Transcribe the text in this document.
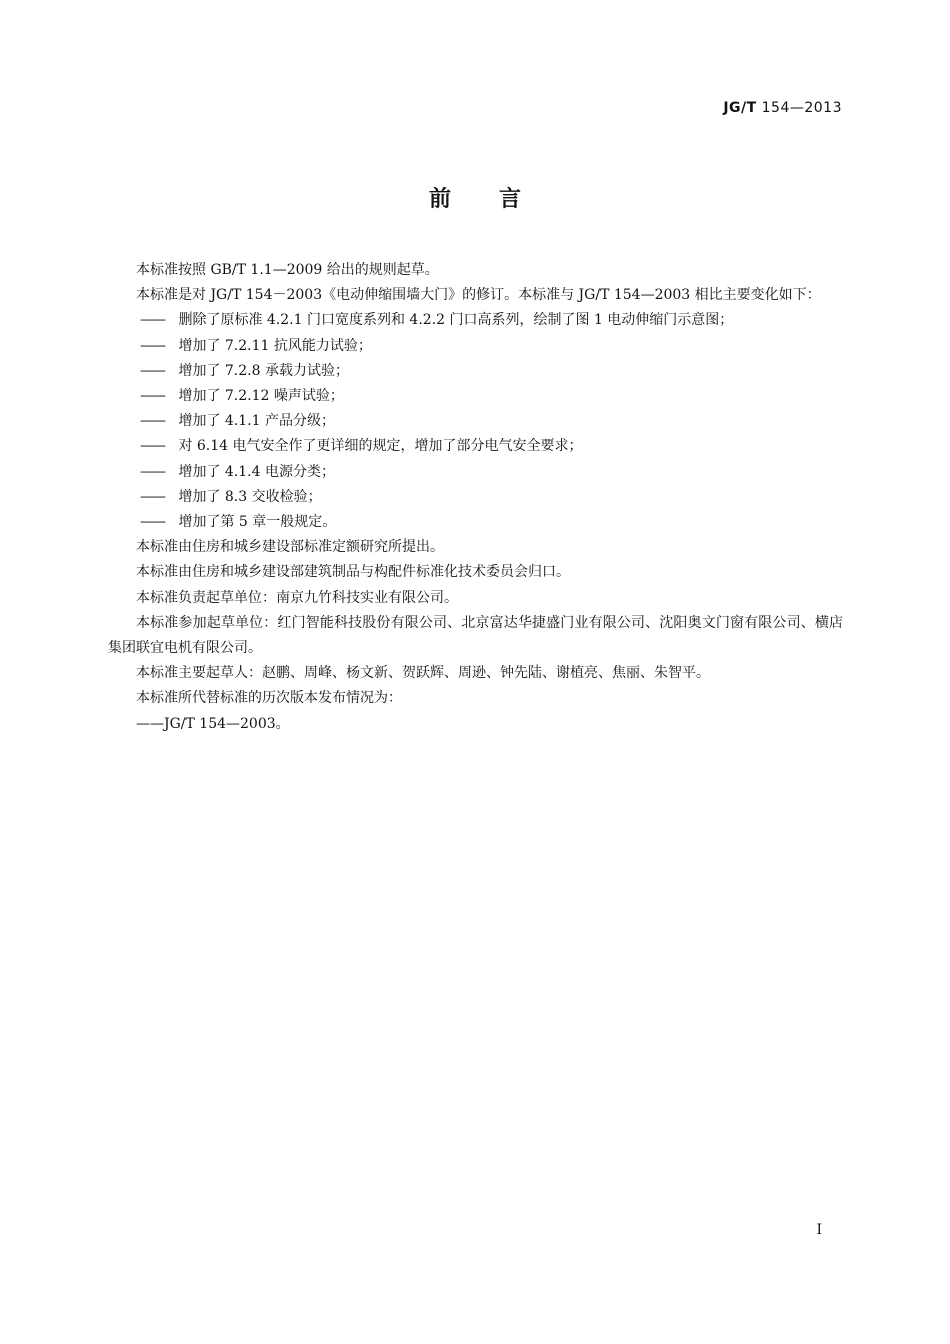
JG/T 154—2013
前言

本标准按照 GB/T 1.1—2009 给出的规则起草。

本标准是对 JG/T 154－2003《电动伸缩围墙大门》的修订。本标准与 JG/T 154—2003 相比主要变化如下：

—— 删除了原标准 4.2.1 门口宽度系列和 4.2.2 门口高系列，绘制了图 1 电动伸缩门示意图；
—— 增加了 7.2.11 抗风能力试验；
—— 增加了 7.2.8 承载力试验；
—— 增加了 7.2.12 噪声试验；
—— 增加了 4.1.1 产品分级；
—— 对 6.14 电气安全作了更详细的规定，增加了部分电气安全要求；
—— 增加了 4.1.4 电源分类；
—— 增加了 8.3 交收检验；
—— 增加了第 5 章一般规定。

本标准由住房和城乡建设部标准定额研究所提出。

本标准由住房和城乡建设部建筑制品与构配件标准化技术委员会归口。

本标准负责起草单位：南京九竹科技实业有限公司。

本标准参加起草单位：红门智能科技股份有限公司、北京富达华捷盛门业有限公司、沈阳奥文门窗有限公司、横店集团联宜电机有限公司。

本标准主要起草人：赵鹏、周峰、杨文新、贺跃辉、周逊、钟先陆、谢植亮、焦丽、朱智平。

本标准所代替标准的历次版本发布情况为：

——JG/T 154—2003。

I
